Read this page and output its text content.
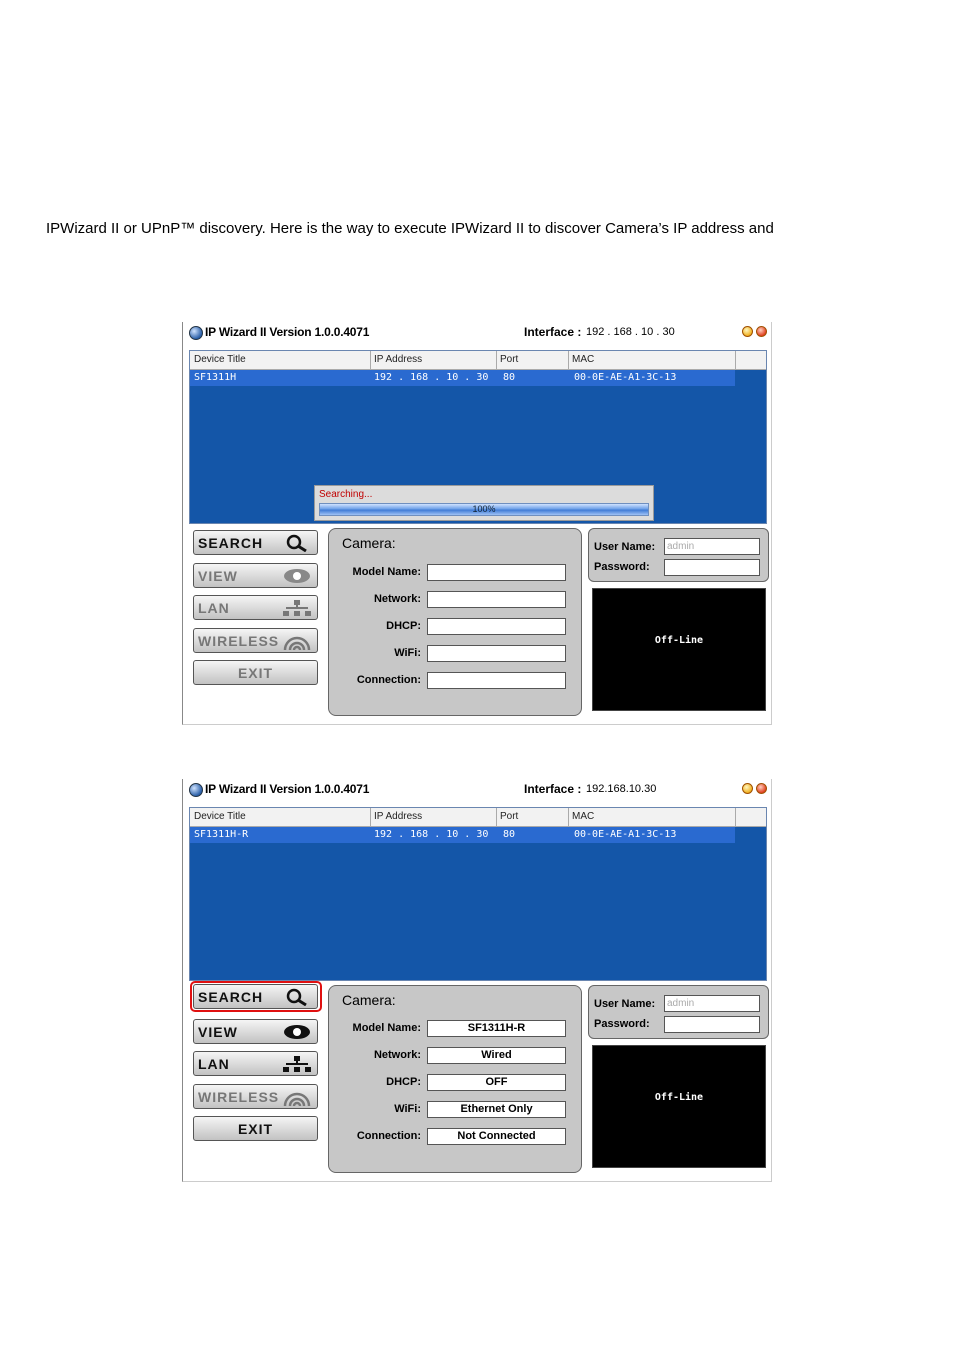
IPWizard II or UPnP™ discovery. Here is the way to execute IPWizard II to discover Camera’s IP address and
IP Wizard II Version 1.0.0.4071	Interface : 192 . 168 . 10 . 30
Device Title	IP Address	Port	MAC
SF1311H	192 . 168 . 10 . 30 80	00-0E-AE-A1-3C-13
Searching...
100%
SEARCH
VIEW
LAN
WIRELESS
EXIT
Camera:
Model Name:
Network:
DHCP:
WiFi:
Connection:
User Name:	admin
Password:
Off-Line
IP Wizard II Version 1.0.0.4071	Interface : 192.168.10.30
Device Title	IP Address	Port	MAC
SF1311H-R	192 . 168 . 10 . 30 80	00-0E-AE-A1-3C-13
SEARCH
VIEW
LAN
WIRELESS
EXIT
Camera:
Model Name:	SF1311H-R
Network:	Wired
DHCP:	OFF
WiFi:	Ethernet Only
Connection:	Not Connected
User Name:	admin
Password:
Off-Line
